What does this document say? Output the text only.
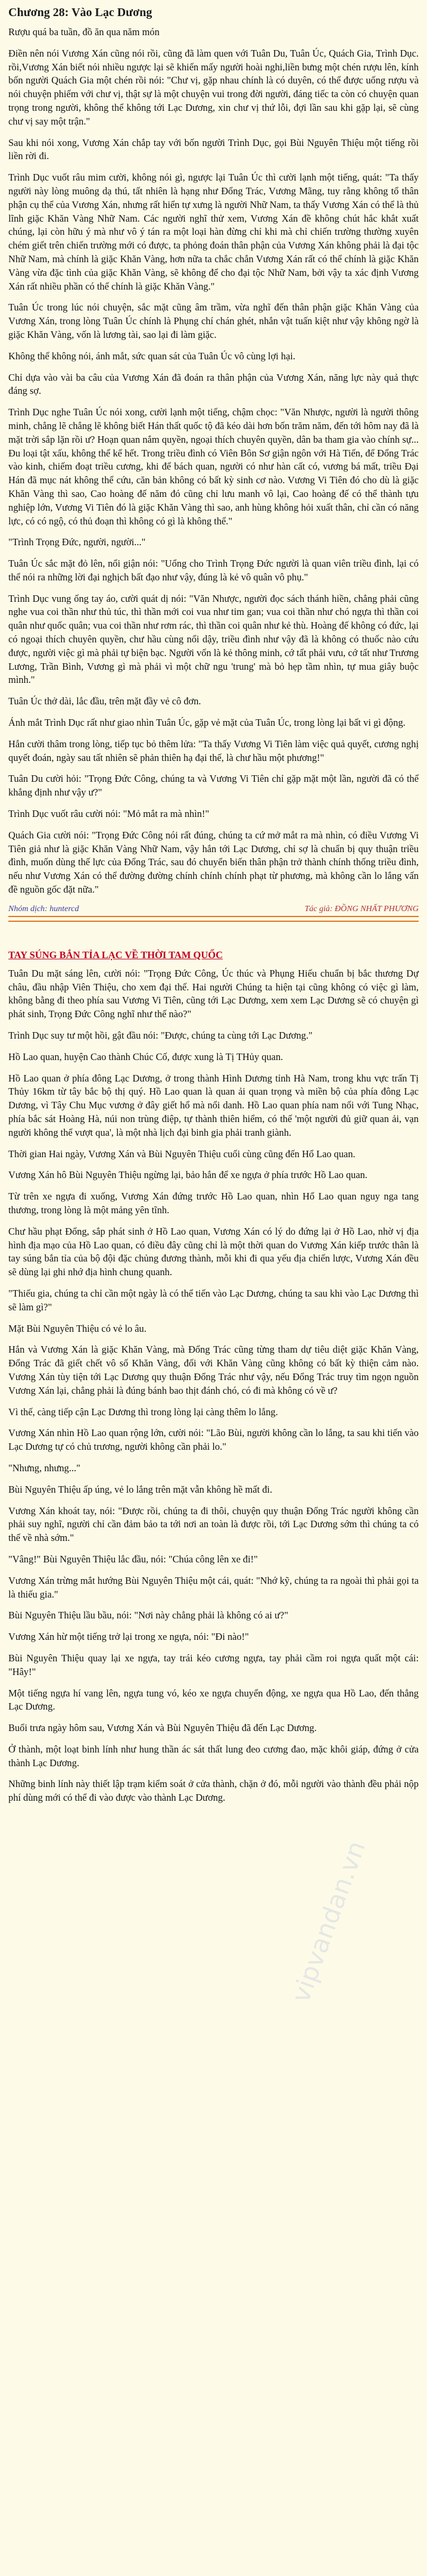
Chương 28: Vào Lạc Dương

Rượu quá ba tuần, đồ ăn qua năm món

Điền nên nói Vương Xán cũng nói rồi, cũng đã làm quen với Tuân Du, Tuân Úc, Quách Gia, Trình Dục. rồi,Vương Xán biết nói nhiều ngược lại sẽ khiến mấy người hoài nghi,liền bưng một chén rượu lên, kính bốn người Quách Gia một chén rồi nói: "Chư vị, gặp nhau chính là có duyên, có thể được uống rượu và nói chuyện phiếm với chư vị, thật sự là một chuyện vui trong đời người, đáng tiếc ta còn có chuyện quan trọng trong người, không thể không tới Lạc Dương, xin chư vị thứ lỗi, đợi lần sau khi gặp lại, sẽ cùng chư vị say một trận."

Sau khi nói xong, Vương Xán chắp tay với bốn người Trình Dục, gọi Bùi Nguyên Thiệu một tiếng rồi liền rời đi.

Trình Dục vuốt râu mim cười, không nói gì, ngược lại Tuân Úc thì cười lạnh một tiếng, quát: "Ta thấy người này lòng muông dạ thú, tất nhiên là hạng như Đổng Trác, Vương Mãng, tuy rằng không tổ thân phận cụ thể của Vương Xán, nhưng rất hiển tự xưng là người Nhữ Nam, ta thấy Vương Xán có thể là thủ lĩnh giặc Khăn Vàng Nhữ Nam. Các người nghĩ thử xem, Vương Xán đề không chút hắc khắt xuất chúng, lại còn hữu ý mà như vô ý tán ra một loại hàn đừng chỉ khi mà chỉ chiến trường thường xuyên chém giết trên chiến trường mới có được, ta phỏng đoán thân phận của Vương Xán không phải là đại tộc Nhữ Nam, mà chính là giặc Khăn Vàng, hơn nữa ta chắc chắn Vương Xán rất có thể chính là giặc Khăn Vàng vừa đặc tình của giặc Khăn Vàng, sẽ không để cho đại tộc Nhữ Nam, bởi vậy ta xác định Vương Xán rất nhiều phần có thể chính là giặc Khăn Vàng."

Tuân Úc trong lúc nói chuyện, sắc mặt cũng âm trầm, vừa nghĩ đến thân phận giặc Khăn Vàng của Vương Xán, trong lòng Tuân Úc chính là Phụng chí chán ghét, nhắn vật tuấn kiệt như vậy không ngờ là giặc Khăn Vàng, vốn là lương tài, sao lại đi làm giặc.

Không thể không nói, ánh mắt, sức quan sát của Tuân Úc vô cùng lợi hại.

Chỉ dựa vào vài ba câu của Vương Xán đã đoán ra thân phận của Vương Xán, năng lực này quả thực đáng sợ.

Trình Dục nghe Tuân Úc nói xong, cười lạnh một tiếng, chậm chọc: "Văn Nhược, người là người thông minh, chẳng lẽ chẳng lẽ không biết Hán thất quốc tộ đã kéo dài hơn bốn trăm năm, đến tới hôm nay đã là mặt trời sắp lặn rồi ư? Hoạn quan nắm quyền, ngoại thích chuyên quyền, dân ba tham gia vào chính sự... Đu loại tật xấu, không thể kể hết. Trong triều đình có Viên Bôn Sơ giận ngôn với Hà Tiến, để Đổng Trác vào kinh, chiếm đoạt triều cương, khi để bách quan, người có như hàn cất có, vương bá mất, triều Đại Hán đã mục nát không thể cứu, căn bản không có bất kỳ sinh cơ nào. Vương Vi Tiên đó cho dù là giặc Khăn Vàng thì sao, Cao hoàng đế năm đó cũng chỉ lưu manh vô lại, Cao hoàng đế có thể thành tựu nghiệp lớn, Vương Vi Tiên đó là giặc Khăn Vàng thì sao, anh hùng không hỏi xuất thân, chỉ cần có năng lực, có có ngộ, có thủ đoạn thì không có gì là không thể."

"Trình Trọng Đức, người, người..."

Tuân Úc sắc mặt đỏ lên, nổi giận nói: "Uổng cho Trình Trọng Đức người là quan viên triều đình, lại có thể nói ra những lời đại nghịch bất đạo như vậy, đúng là kẻ vô quân vô phụ."

Trình Dục vung ống tay áo, cười quát dị nói: "Văn Nhược, người đọc sách thánh hiền, chẳng phải cũng nghe vua coi thần như thủ túc, thì thần mới coi vua như tim gan; vua coi thần như chó ngựa thì thần coi quân như quốc quân; vua coi thần như rơm rác, thì thần coi quân như kẻ thù. Hoàng đế không có đức, lại có ngoại thích chuyên quyền, chư hầu cùng nổi dậy, triều đình như vậy đã là không có thuốc nào cứu được, người việc gì mà phải tự biện bạc. Người vốn là kẻ thông minh, cớ tất phải vưu, cớ tất như Trương Lương, Trần Bình, Vương gì mà phải vì một chữ ngu 'trung' mà bỏ hẹp tầm nhìn, tự mua giây buộc mình."

Tuân Úc thở dài, lắc đầu, trên mặt đầy vẻ cô đơn.

Ánh mắt Trình Dục rất như giao nhìn Tuân Úc, gặp vẻ mặt của Tuân Úc, trong lòng lại bất vi gì động.

Hắn cười thâm trong lòng, tiếp tục bỏ thêm lửa: "Ta thấy Vương Vi Tiên làm việc quả quyết, cương nghị quyết đoán, ngày sau tất nhiên sẽ phản thiên hạ đại thế, là chư hầu một phương!"

Tuân Du cười hỏi: "Trọng Đức Công, chúng ta và Vương Vi Tiên chỉ gặp mặt một lần, người đã có thể khẳng định như vậy ư?"

Trình Dục vuốt râu cười nói: "Mỏ mắt ra mà nhìn!"

Quách Gia cười nói: "Trọng Đức Công nói rất đúng, chúng ta cứ mở mắt ra mà nhìn, có điều Vương Vi Tiên giả như là giặc Khăn Vàng Nhữ Nam, vậy hắn tới Lạc Dương, chỉ sợ là chuẩn bị quy thuận triều đình, muốn dùng thế lực của Đổng Trác, sau đó chuyển biến thân phận trở thành chính thống triều đình, nếu như Vương Xán có thể đường đường chính chính chính phạt từ phương, mà không cần lo lắng vấn đề nguồn gốc đặt nữa."

Nhóm dịch: huntercd	Tác giả: ĐỒNG NHẤT PHƯƠNG
TAY SÚNG BẮN TỈA LẠC VỀ THỜI TAM QUỐC

Tuân Du mặt sáng lên, cười nói: "Trọng Đức Công, Úc thúc và Phụng Hiếu chuẩn bị bắc thương Dự châu, đầu nhập Viên Thiệu, cho xem đại thế. Hai người Chúng ta hiện tại cũng không có việc gì làm, không bằng đi theo phía sau Vương Vi Tiên, cũng tới Lạc Dương, xem xem Lạc Dương sẽ có chuyện gì phát sinh, Trọng Đức Công nghĩ như thế nào?"

Trình Dục suy tư một hồi, gật đầu nói: "Được, chúng ta cùng tới Lạc Dương."

Hồ Lao quan, huyện Cao thành Chúc Cố, được xung là Tị THủy quan.

Hồ Lao quan ở phía đông Lạc Dương, ở trong thành Hình Dương tỉnh Hà Nam, trong khu vực trấn Tị Thủy 16km từ tây bắc bộ thị quý. Hồ Lao quan là quan ải quan trọng và miền bộ của phía đông Lạc Dương, vì Tây Chu Mục vương ở đây giết hổ mà nổi danh. Hồ Lao quan phía nam nối với Tung Nhạc, phía bắc sát Hoàng Hà, núi non trùng điệp, tự thành thiên hiểm, có thế 'một người đủ giữ quan ải, vạn người không thể vượt qua', là một nhà lịch đại binh gia phải tranh giành.

Thời gian Hai ngày, Vương Xán và Bùi Nguyên Thiệu cuối cùng cũng đến Hổ Lao quan.

Vương Xán hô Bùi Nguyên Thiệu ngừng lại, bảo hắn để xe ngựa ở phía trước Hồ Lao quan.

Từ trên xe ngựa đi xuống, Vương Xán đứng trước Hồ Lao quan, nhìn Hổ Lao quan nguy nga tang thương, trong lòng là một mảng yên tĩnh.

Chư hầu phạt Đổng, sắp phát sinh ở Hồ Lao quan, Vương Xán có lý do đứng lại ở Hồ Lao, nhờ vị địa hình địa mạo của Hồ Lao quan, có điều đây cũng chỉ là một thời quan do Vương Xán kiếp trước thân là tay súng bắn tỉa của bộ đội đặc chủng đương thành, mỗi khi đi qua yếu địa chiến lược, Vương Xán đều sẽ dùng lại ghi nhớ địa hình chung quanh.

"Thiếu gia, chúng ta chỉ cần một ngày là có thể tiến vào Lạc Dương, chúng ta sau khi vào Lạc Dương thì sẽ làm gì?"

Mặt Bùi Nguyên Thiệu có vẻ lo âu.

Hắn và Vương Xán là giặc Khăn Vàng, mà Đổng Trác cũng từng tham dự tiêu diệt giặc Khăn Vàng, Đổng Trác đã giết chết vô số Khăn Vàng, đối với Khăn Vàng cũng không có bất kỳ thiện cảm nào. Vương Xán tùy tiện tới Lạc Dương quy thuận Đổng Trác như vậy, nếu Đổng Trác truy tìm ngọn nguồn Vương Xán lại, chẳng phải là đúng bánh bao thịt đánh chó, có đi mà không có về ư?

Vì thế, càng tiếp cận Lạc Dương thì trong lòng lại càng thêm lo lắng.

Vương Xán nhìn Hồ Lao quan rộng lớn, cười nói: "Lão Bùi, người không cần lo lắng, ta sau khi tiến vào Lạc Dương tự có chủ trương, người không cần phải lo."

"Nhưng, nhưng..."

Bùi Nguyên Thiệu ấp úng, vẻ lo lắng trên mặt vẫn không hề mất đi.

Vương Xán khoát tay, nói: "Được rồi, chúng ta đi thôi, chuyện quy thuận Đổng Trác người không cần phải suy nghĩ, người chỉ cần đảm bảo ta tới nơi an toàn là được rồi, tới Lạc Dương sớm thì chúng ta có thể về nhà sớm."

"Vâng!" Bùi Nguyên Thiệu lắc đầu, nói: "Chúa công lên xe đi!"

Vương Xán trừng mắt hướng Bùi Nguyên Thiệu một cái, quát: "Nhớ kỹ, chúng ta ra ngoài thì phải gọi ta là thiếu gia."

Bùi Nguyên Thiệu lầu bầu, nói: "Nơi này chẳng phải là không có ai ư?"

Vương Xán hừ một tiếng trở lại trong xe ngựa, nói: "Đi nào!"

Bùi Nguyên Thiệu quay lại xe ngựa, tay trái kéo cương ngựa, tay phải cầm roi ngựa quất một cái: "Hây!"

Một tiếng ngựa hí vang lên, ngựa tung vó, kéo xe ngựa chuyển động, xe ngựa qua Hồ Lao, đến thẳng Lạc Dương.

Buổi trưa ngày hôm sau, Vương Xán và Bùi Nguyên Thiệu đã đến Lạc Dương.

Ở thành, một loạt binh lính như hung thần ác sát thất lung đeo cương đao, mặc khôi giáp, đứng ở cửa thành Lạc Dương.

Những binh lính này thiết lập trạm kiểm soát ở cửa thành, chặn ở đó, mỗi người vào thành đều phải nộp phí dùng mới có thể đi vào được vào thành Lạc Dương.

vipvandan.vn
